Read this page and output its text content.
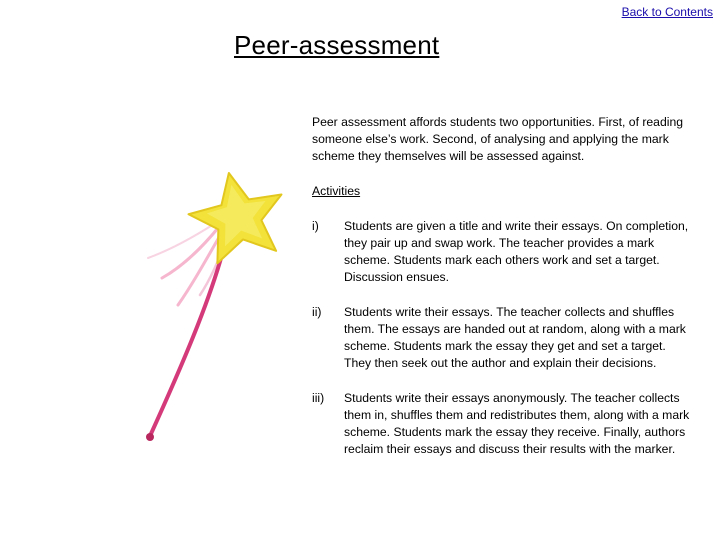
Back to Contents
Peer-assessment

Peer assessment affords students two opportunities. First, of reading someone else’s work. Second, of analysing and applying the mark scheme they themselves will be assessed against.

Activities

i)	Students are given a title and write their essays. On completion, they pair up and swap work. The teacher provides a mark scheme. Students mark each others work and set a target. Discussion ensues.

ii)	Students write their essays. The teacher collects and shuffles them. The essays are handed out at random, along with a mark scheme. Students mark the essay they get and set a target. They then seek out the author and explain their decisions.

iii)	Students write their essays anonymously. The teacher collects them in, shuffles them and redistributes them, along with a mark scheme. Students mark the essay they receive. Finally, authors reclaim their essays and discuss their results with the marker.
